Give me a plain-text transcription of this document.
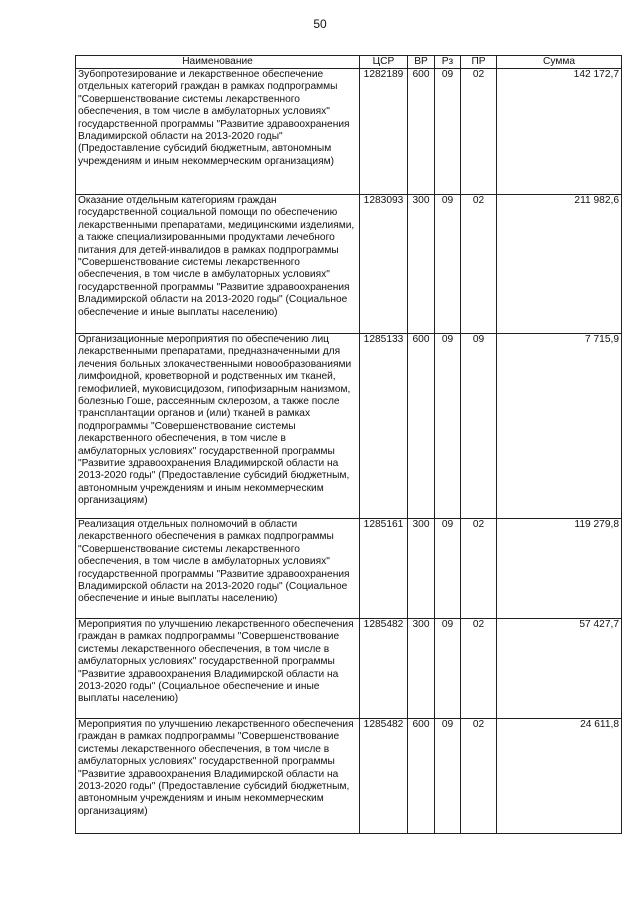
50
Наименование	ЦСР	ВР	Рз	ПР	Сумма
Зубопротезирование и лекарственное обеспечение отдельных категорий граждан в рамках подпрограммы "Совершенствование системы лекарственного обеспечения, в том числе в амбулаторных условиях" государственной программы "Развитие здравоохранения Владимирской области на 2013-2020 годы" (Предоставление субсидий бюджетным, автономным учреждениям и иным некоммерческим организациям)	1282189	600	09	02	142 172,7
Оказание отдельным категориям граждан государственной социальной помощи по обеспечению лекарственными препаратами, медицинскими изделиями, а также специализированными продуктами лечебного питания для детей-инвалидов в рамках подпрограммы "Совершенствование системы лекарственного обеспечения, в том числе в амбулаторных условиях" государственной программы "Развитие здравоохранения Владимирской области на 2013-2020 годы" (Социальное обеспечение и иные выплаты населению)	1283093	300	09	02	211 982,6
Организационные мероприятия по обеспечению лиц лекарственными препаратами, предназначенными для лечения больных злокачественными новообразованиями лимфоидной, кроветворной и родственных им тканей, гемофилией, муковисцидозом, гипофизарным нанизмом, болезнью Гоше, рассеянным склерозом, а также после трансплантации органов и (или) тканей в рамках подпрограммы "Совершенствование системы лекарственного обеспечения, в том числе в амбулаторных условиях" государственной программы "Развитие здравоохранения Владимирской области на 2013-2020 годы" (Предоставление субсидий бюджетным, автономным учреждениям и иным некоммерческим организациям)	1285133	600	09	09	7 715,9
Реализация отдельных полномочий в области лекарственного обеспечения в рамках подпрограммы "Совершенствование системы лекарственного обеспечения, в том числе в амбулаторных условиях" государственной программы "Развитие здравоохранения Владимирской области на 2013-2020 годы" (Социальное обеспечение и иные выплаты населению)	1285161	300	09	02	119 279,8
Мероприятия по улучшению лекарственного обеспечения граждан в рамках подпрограммы "Совершенствование системы лекарственного обеспечения, в том числе в амбулаторных условиях" государственной программы "Развитие здравоохранения Владимирской области на 2013-2020 годы" (Социальное обеспечение и иные выплаты населению)	1285482	300	09	02	57 427,7
Мероприятия по улучшению лекарственного обеспечения граждан в рамках подпрограммы "Совершенствование системы лекарственного обеспечения, в том числе в амбулаторных условиях" государственной программы "Развитие здравоохранения Владимирской области на 2013-2020 годы" (Предоставление субсидий бюджетным, автономным учреждениям и иным некоммерческим организациям)	1285482	600	09	02	24 611,8
